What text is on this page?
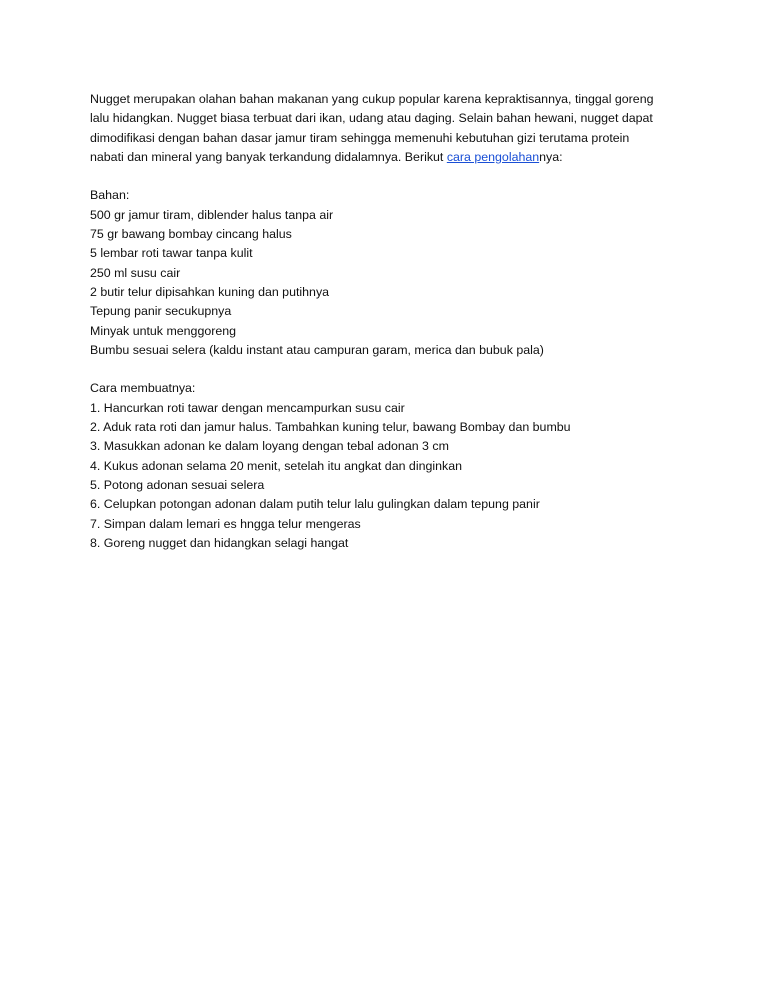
Nugget merupakan olahan bahan makanan yang cukup popular karena kepraktisannya, tinggal goreng
lalu hidangkan. Nugget biasa terbuat dari ikan, udang atau daging. Selain bahan hewani, nugget dapat
dimodifikasi dengan bahan dasar jamur tiram sehingga memenuhi kebutuhan gizi terutama protein
nabati dan mineral yang banyak terkandung didalamnya. Berikut cara pengolahannya:
Bahan:
500 gr jamur tiram, diblender halus tanpa air
75 gr bawang bombay cincang halus
5 lembar roti tawar tanpa kulit
250 ml susu cair
2 butir telur dipisahkan kuning dan putihnya
Tepung panir secukupnya
Minyak untuk menggoreng
Bumbu sesuai selera (kaldu instant atau campuran garam, merica dan bubuk pala)
Cara membuatnya:
1. Hancurkan roti tawar dengan mencampurkan susu cair
2. Aduk rata roti dan jamur halus. Tambahkan kuning telur, bawang Bombay dan bumbu
3. Masukkan adonan ke dalam loyang dengan tebal adonan 3 cm
4. Kukus adonan selama 20 menit, setelah itu angkat dan dinginkan
5. Potong adonan sesuai selera
6. Celupkan potongan adonan dalam putih telur lalu gulingkan dalam tepung panir
7. Simpan dalam lemari es hngga telur mengeras
8. Goreng nugget dan hidangkan selagi hangat
